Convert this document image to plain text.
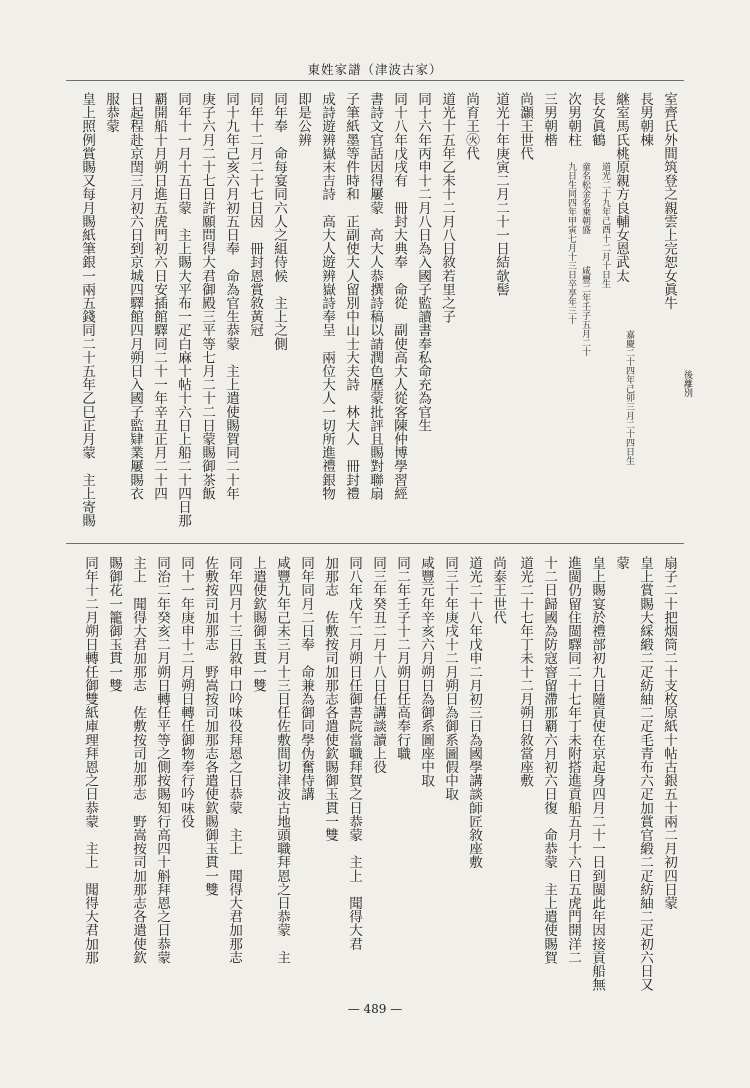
東姓家譜（津波古家）
室齊氏外間筑登之親雲上完恕女眞牛
長男朝棟
継室馬氏桃原親方良輔女恩武太
長女眞鶴
次男朝柱
三男朝楷
尚灝王世代
道光十年庚寅二月二十一日結欹髻
尚育王㊋代
道光十五年乙未十二月八日敘若里之子
同十六年丙申十二月八日為入國子監讀書奉私命充為官生
同十八年戊戌有　冊封大典奉　命從　副使高大人從客陳仲博學習經
書詩文官話因得屢蒙　高大人恭撰詩稿以請潤色歷蒙批評且賜對聯扇
子筆紙墨等件時和　正副使大人留別中山士大夫詩　林大人　冊封禮
成詩遊辨嶽末吉詩　高大人遊辨嶽詩奉呈　兩位大人一切所進禮銀物
即是公辨
同年奉　命每宴同六人之組侍候　主上之側
同年十二月二十七日因　冊封恩賞敘黃冠
同十九年己亥六月初五日奉　命為官生恭蒙　主上遣使賜賀同二十年
庚子六月二十七日許願問得大君御殿三平等七月二十二日蒙賜御茶飯
同年十一月十五日蒙　主上賜大平布一疋白麻十帖十六日上船二十四日那
覇開船十月朔日進五虎門初六日安插館驛同二十一年辛丑正月二十四
日起程赴京閏三月初六日到京城四驛館四月朔日入國子監肄業屢賜衣
服恭蒙
皇上照例賞賜又每月賜紙筆銀一兩五錢同二十五年乙巳正月蒙　主上寄賜
扇子二十把烟筒二十支枚原紙十帖古銀五十兩二月初四日蒙
皇上賞賜大綵緞二疋紡紬二疋毛青布六疋加賞官緞二疋紡紬二疋初六日又
蒙
皇上賜宴於禮部初九日隨貢使在京起身四月二十一日到閩此年因接貢船無
進閩仍留住閩驛同二十七年丁未附搭進貢船五月十六日五虎門開洋二
十二日歸國為防寇窨留滯那覇六月初六日復　命恭蒙　主上遣使賜賀
道光二十七年丁未十二月朔日敘當座敷
尚泰王世代
道光二十八年戊申二月初三日為國學講談師匠敘座敷
同三十年庚戌十二月朔日為御系圖假中取
咸豐元年辛亥六月朔日為御系圖座中取
同二年壬子十二月朔日任高奉行職
同三年癸丑二月十八日任講談讀上役
同八年戊午二月朔日任御書院當職拜賀之日恭蒙　主上　聞得大君
加那志　佐敷按司加那志各遣使欽賜御玉貫一雙
同年同月二日奉　命兼為御同學伪奮侍講
咸豐九年己未三月十三日任佐敷間切津波古地頭職拜恩之日恭蒙　主
上遣使欽賜御玉貫一雙
同年四月十三日敘申口吟味役拜恩之日恭蒙　主上　聞得大君加那志
佐敷按司加那志　野嵩按司加那志各遣使欽賜御玉貫一雙
同十一年庚申十二月朔日轉任御物奉行吟味役
同治二年癸亥二月朔日轉任平等之側按賜知行高四十斛拜恩之日恭蒙
主上　聞得大君加那志　佐敷按司加那志　野嵩按司加那志各遣使欽
賜御花一籠御玉貫一雙
同年十二月朔日轉任御雙紙庫理拜恩之日恭蒙　主上　聞得大君加那
後離別
嘉慶二十四年己卯三月二十四日生
道光二十九年己酉十二月十日生
童名松金名乗朝盛
九日生同四年甲寅七月十三日卒享年三十 咸豐二年壬子五月二十
— 489 —
